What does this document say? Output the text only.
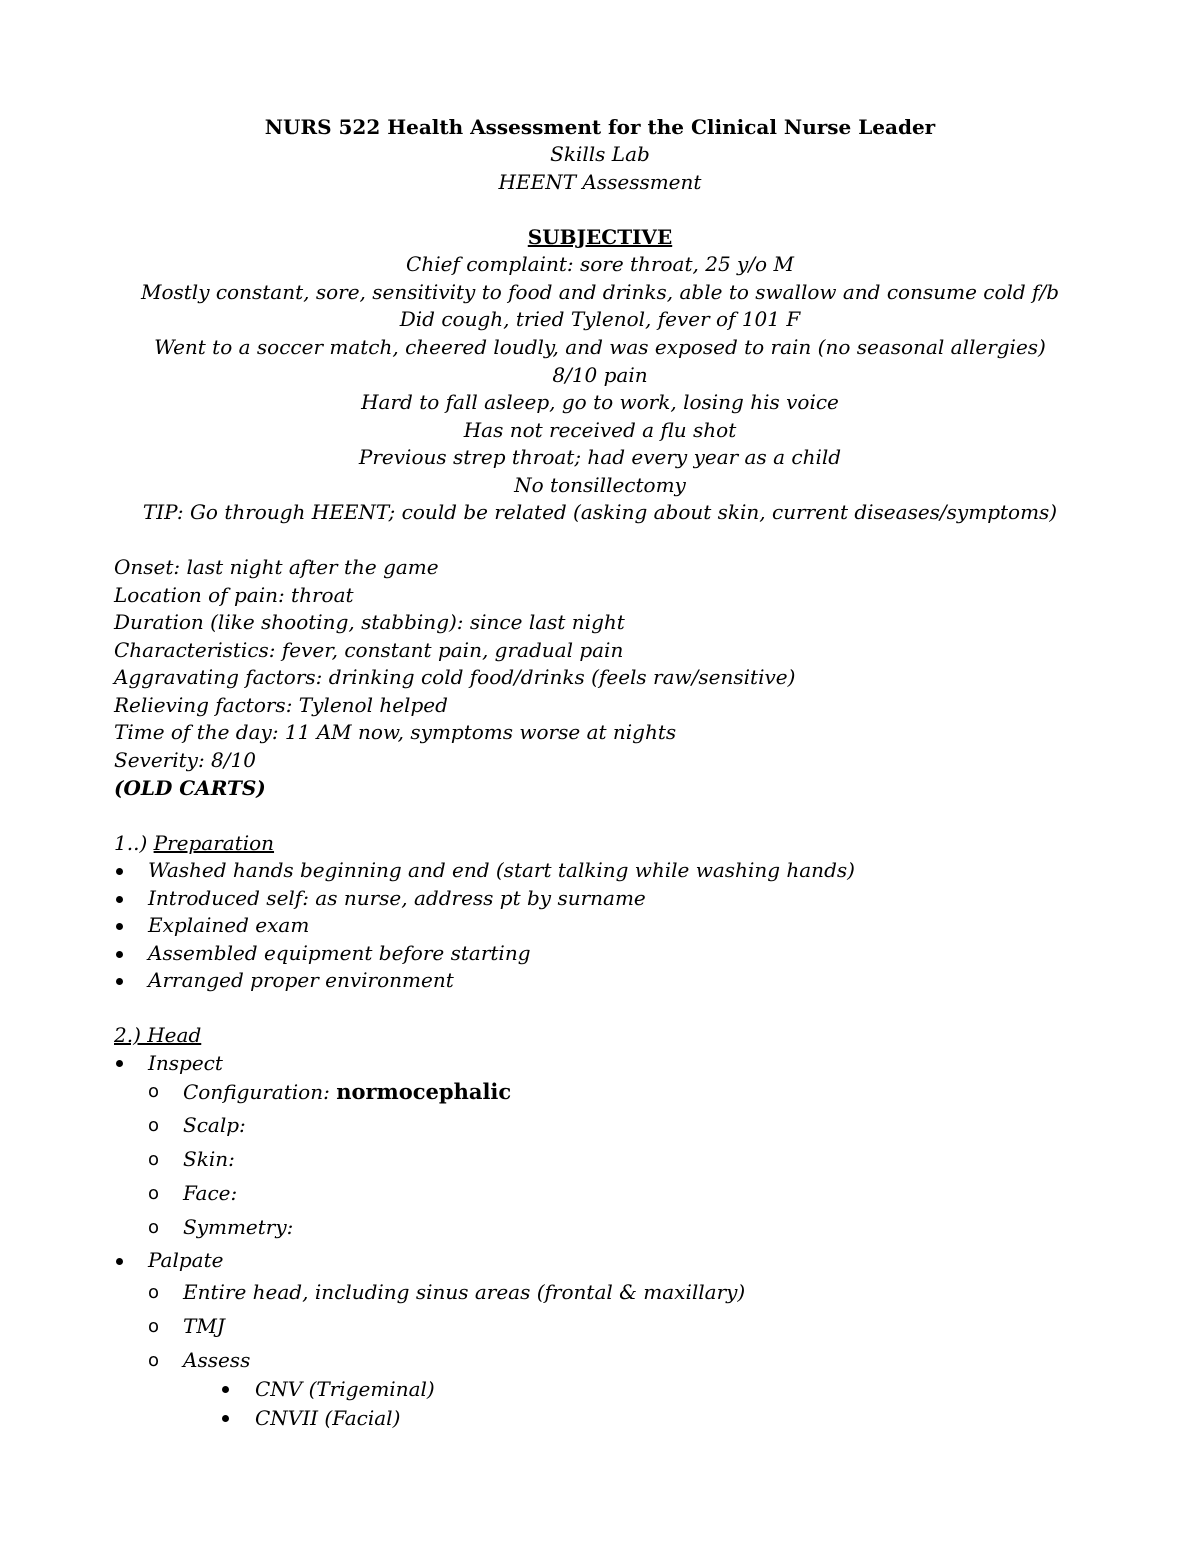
NURS 522 Health Assessment for the Clinical Nurse Leader
Skills Lab
HEENT Assessment
SUBJECTIVE
Chief complaint: sore throat, 25 y/o M
Mostly constant, sore, sensitivity to food and drinks, able to swallow and consume cold f/b
Did cough, tried Tylenol, fever of 101 F
Went to a soccer match, cheered loudly, and was exposed to rain (no seasonal allergies)
8/10 pain
Hard to fall asleep, go to work, losing his voice
Has not received a flu shot
Previous strep throat; had every year as a child
No tonsillectomy
TIP: Go through HEENT; could be related (asking about skin, current diseases/symptoms)
Onset: last night after the game
Location of pain: throat
Duration (like shooting, stabbing): since last night
Characteristics: fever, constant pain, gradual pain
Aggravating factors: drinking cold food/drinks (feels raw/sensitive)
Relieving factors: Tylenol helped
Time of the day: 11 AM now, symptoms worse at nights
Severity: 8/10
(OLD CARTS)
1..) Preparation
Washed hands beginning and end (start talking while washing hands)
Introduced self: as nurse, address pt by surname
Explained exam
Assembled equipment before starting
Arranged proper environment
2.) Head
Inspect
o Configuration: normocephalic
o Scalp:
o Skin:
o Face:
o Symmetry:
Palpate
o Entire head, including sinus areas (frontal & maxillary)
o TMJ
o Assess
CNV (Trigeminal)
CNVII (Facial)
